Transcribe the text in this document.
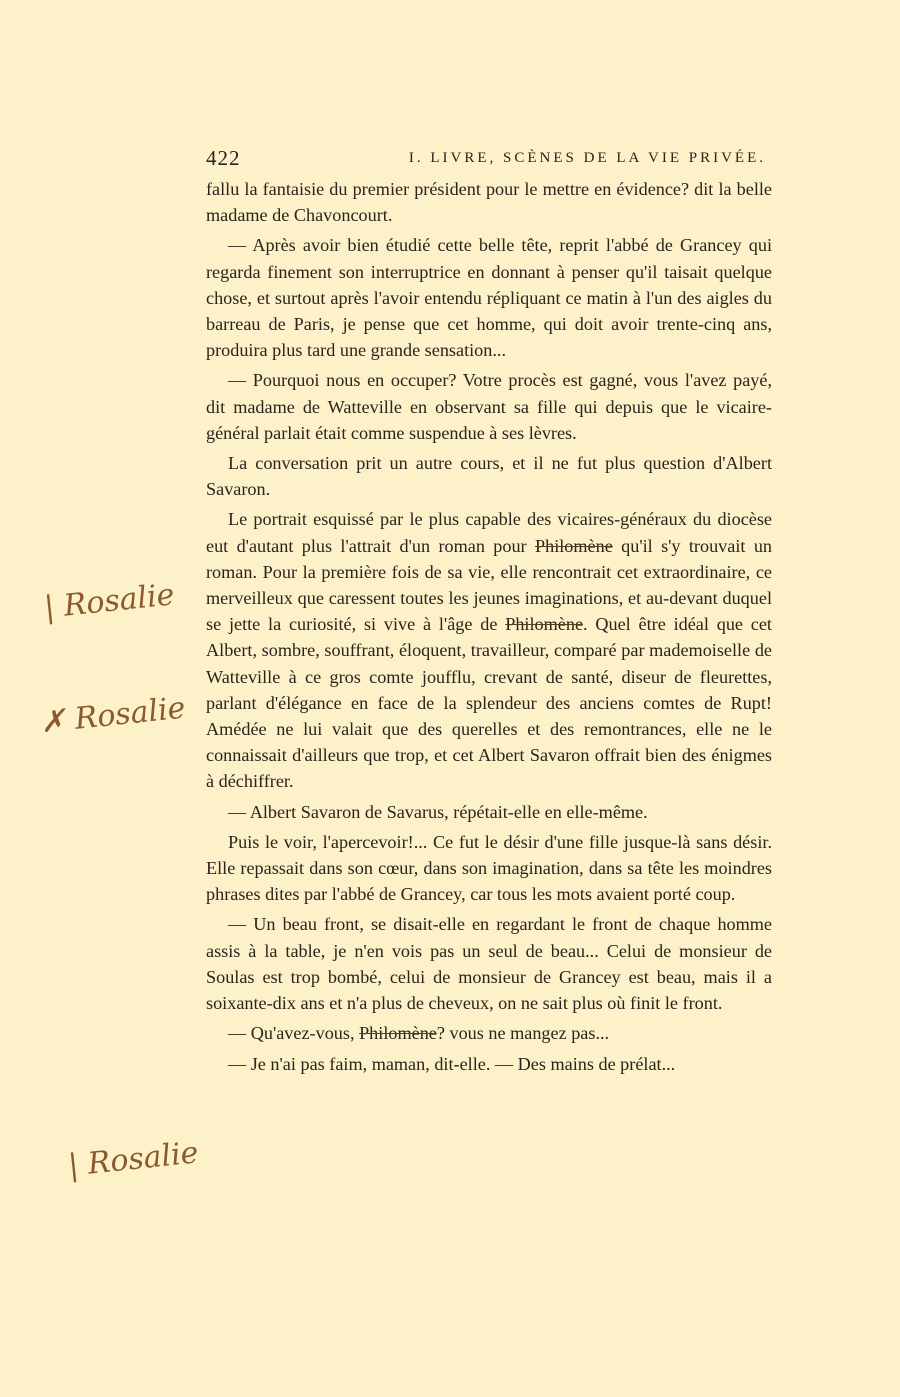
422	I. LIVRE, SCÈNES DE LA VIE PRIVÉE.

fallu la fantaisie du premier président pour le mettre en évidence? dit la belle madame de Chavoncourt.

— Après avoir bien étudié cette belle tête, reprit l'abbé de Grancey qui regarda finement son interruptrice en donnant à penser qu'il taisait quelque chose, et surtout après l'avoir entendu répliquant ce matin à l'un des aigles du barreau de Paris, je pense que cet homme, qui doit avoir trente-cinq ans, produira plus tard une grande sensation...

— Pourquoi nous en occuper? Votre procès est gagné, vous l'avez payé, dit madame de Watteville en observant sa fille qui depuis que le vicaire-général parlait était comme suspendue à ses lèvres.

La conversation prit un autre cours, et il ne fut plus question d'Albert Savaron.

Le portrait esquissé par le plus capable des vicaires-généraux du diocèse eut d'autant plus l'attrait d'un roman pour Philomène qu'il s'y trouvait un roman. Pour la première fois de sa vie, elle rencontrait cet extraordinaire, ce merveilleux que caressent toutes les jeunes imaginations, et au-devant duquel se jette la curiosité, si vive à l'âge de Philomène. Quel être idéal que cet Albert, sombre, souffrant, éloquent, travailleur, comparé par mademoiselle de Watteville à ce gros comte joufflu, crevant de santé, diseur de fleurettes, parlant d'élégance en face de la splendeur des anciens comtes de Rupt! Amédée ne lui valait que des querelles et des remontrances, elle ne le connaissait d'ailleurs que trop, et cet Albert Savaron offrait bien des énigmes à déchiffrer.

— Albert Savaron de Savarus, répétait-elle en elle-même.

Puis le voir, l'apercevoir!... Ce fut le désir d'une fille jusque-là sans désir. Elle repassait dans son cœur, dans son imagination, dans sa tête les moindres phrases dites par l'abbé de Grancey, car tous les mots avaient porté coup.

— Un beau front, se disait-elle en regardant le front de chaque homme assis à la table, je n'en vois pas un seul de beau... Celui de monsieur de Soulas est trop bombé, celui de monsieur de Grancey est beau, mais il a soixante-dix ans et n'a plus de cheveux, on ne sait plus où finit le front.

— Qu'avez-vous, Philomène? vous ne mangez pas...

— Je n'ai pas faim, maman, dit-elle. — Des mains de prélat...

| Rosalie
✗ Rosalie
| Rosalie
